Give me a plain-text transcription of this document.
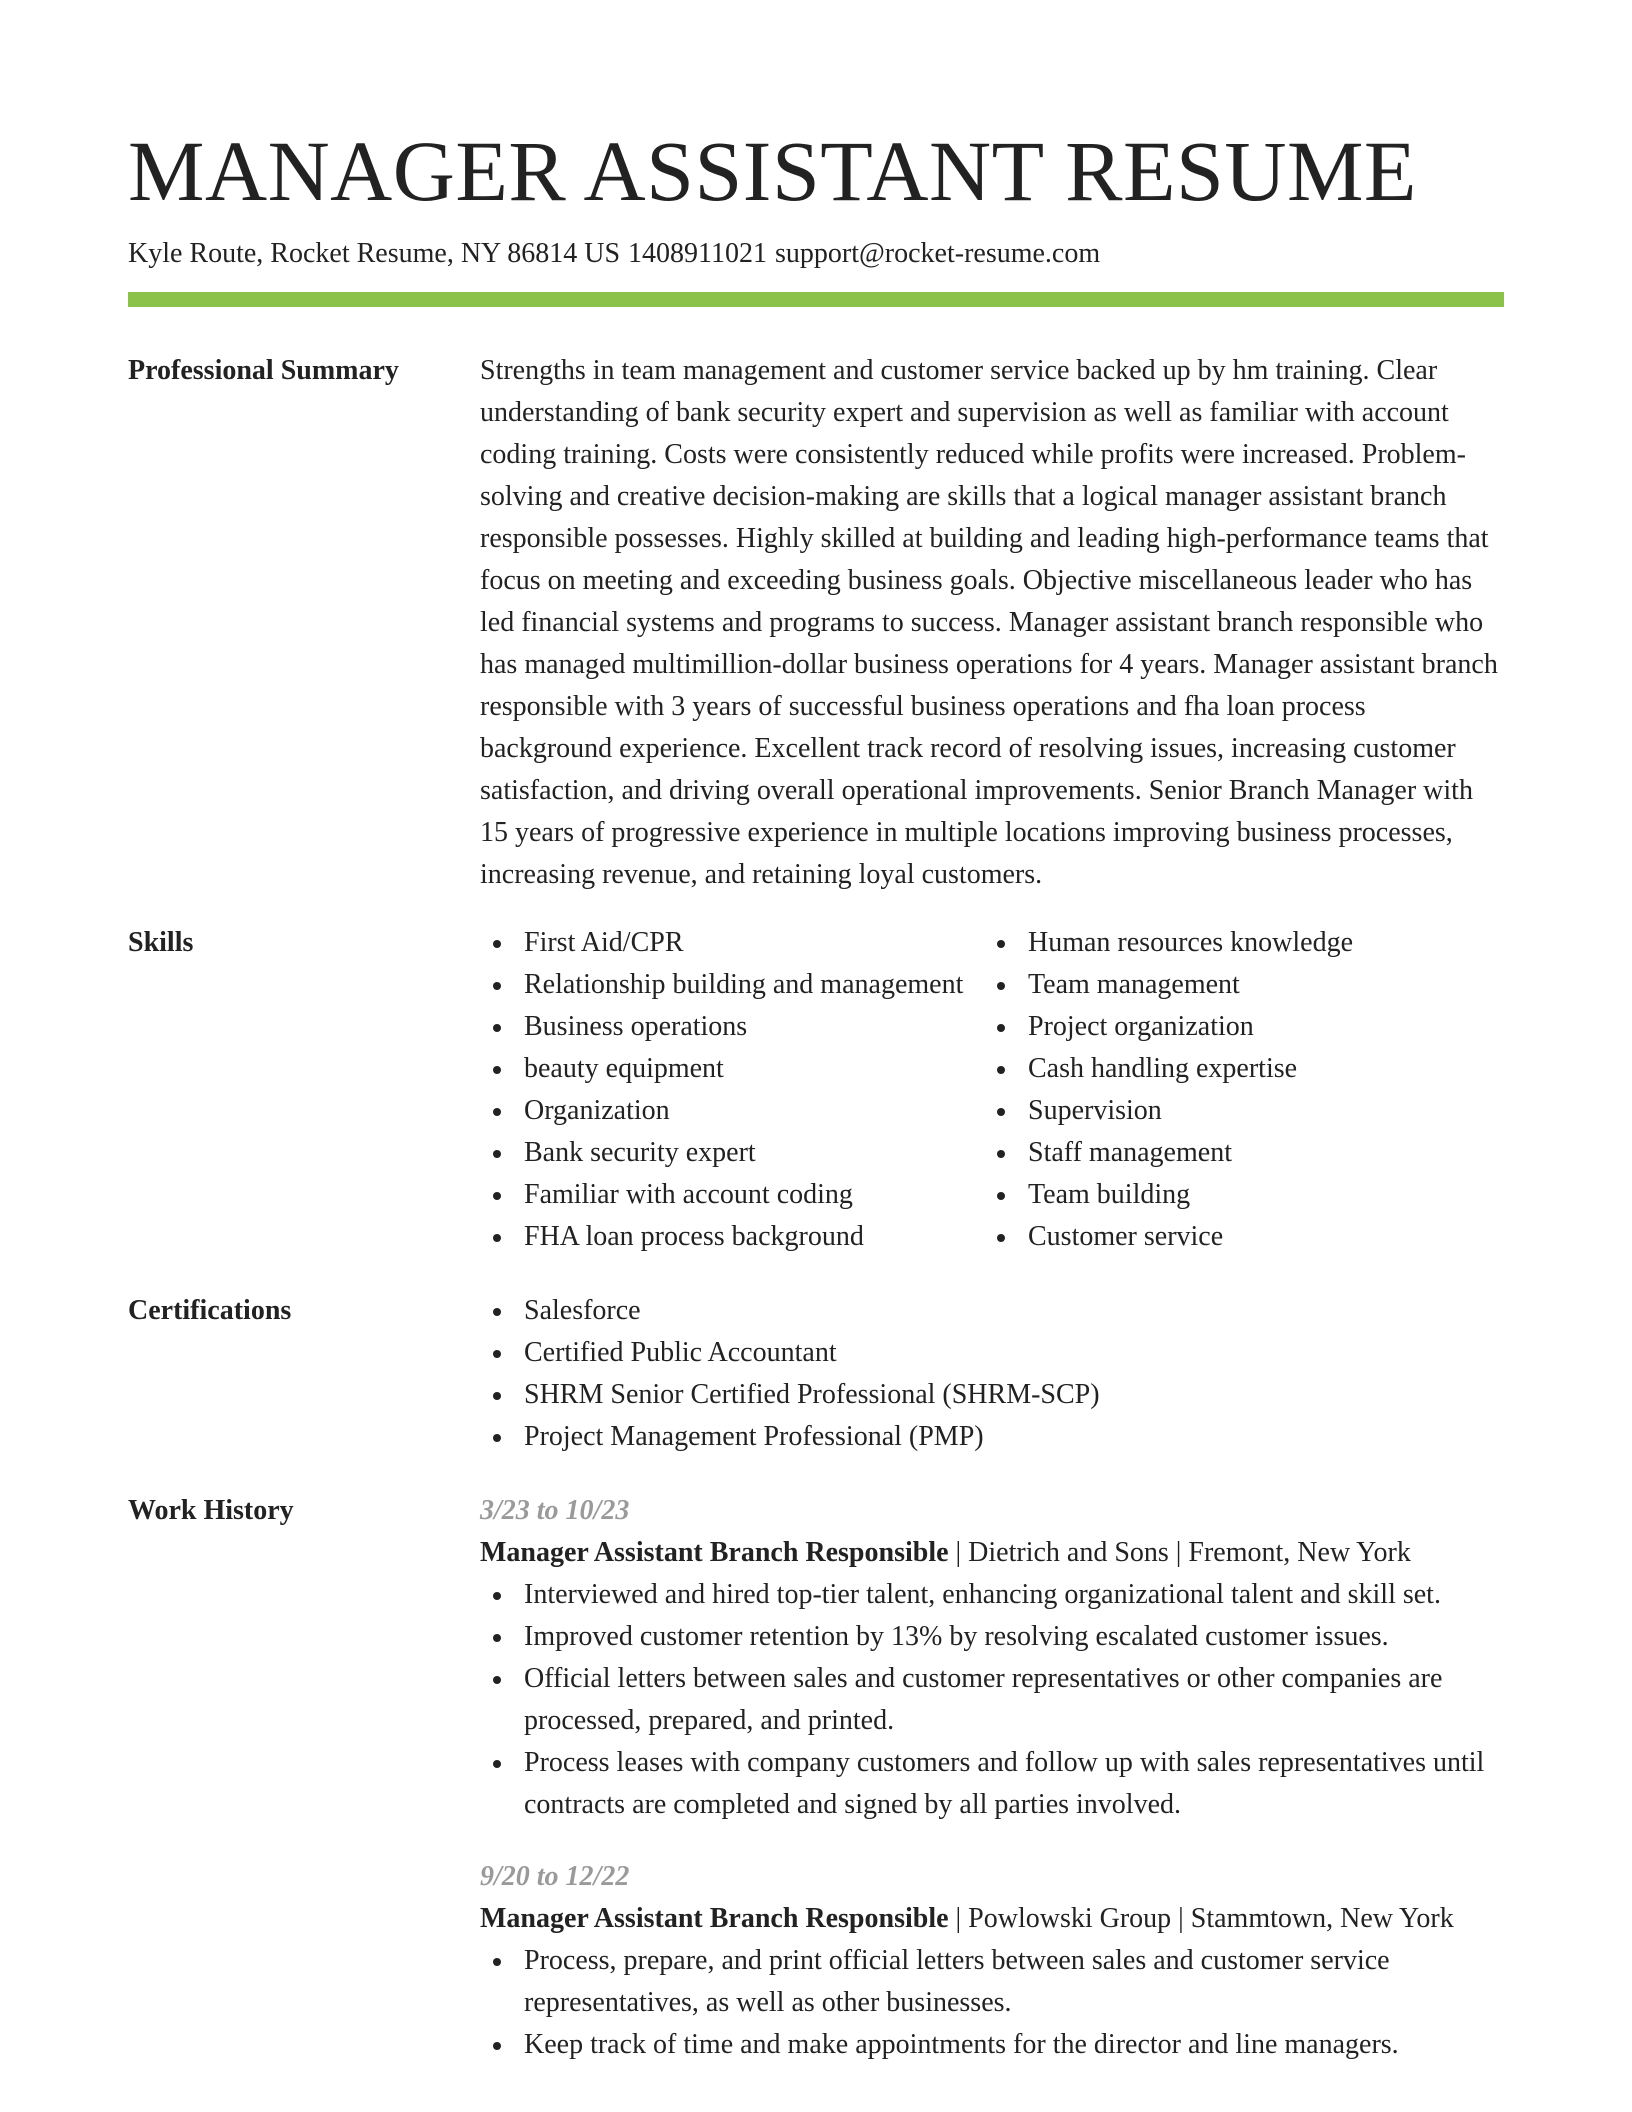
MANAGER ASSISTANT RESUME
Kyle Route, Rocket Resume, NY 86814 US 1408911021 support@rocket-resume.com
Professional Summary	Strengths in team management and customer service backed up by hm training. Clear understanding of bank security expert and supervision as well as familiar with account coding training. Costs were consistently reduced while profits were increased. Problem-solving and creative decision-making are skills that a logical manager assistant branch responsible possesses. Highly skilled at building and leading high-performance teams that focus on meeting and exceeding business goals. Objective miscellaneous leader who has led financial systems and programs to success. Manager assistant branch responsible who has managed multimillion-dollar business operations for 4 years. Manager assistant branch responsible with 3 years of successful business operations and fha loan process background experience. Excellent track record of resolving issues, increasing customer satisfaction, and driving overall operational improvements. Senior Branch Manager with 15 years of progressive experience in multiple locations improving business processes, increasing revenue, and retaining loyal customers.

Skills	First Aid/CPR
Relationship building and management
Business operations
beauty equipment
Organization
Bank security expert
Familiar with account coding
FHA loan process background
Human resources knowledge
Team management
Project organization
Cash handling expertise
Supervision
Staff management
Team building
Customer service
Certifications	Salesforce
Certified Public Accountant
SHRM Senior Certified Professional (SHRM-SCP)
Project Management Professional (PMP)
Work History	3/23 to 10/23
Manager Assistant Branch Responsible | Dietrich and Sons | Fremont, New York
Interviewed and hired top-tier talent, enhancing organizational talent and skill set.
Improved customer retention by 13% by resolving escalated customer issues.
Official letters between sales and customer representatives or other companies are processed, prepared, and printed.
Process leases with company customers and follow up with sales representatives until contracts are completed and signed by all parties involved.
9/20 to 12/22
Manager Assistant Branch Responsible | Powlowski Group | Stammtown, New York
Process, prepare, and print official letters between sales and customer service representatives, as well as other businesses.
Keep track of time and make appointments for the director and line managers.
